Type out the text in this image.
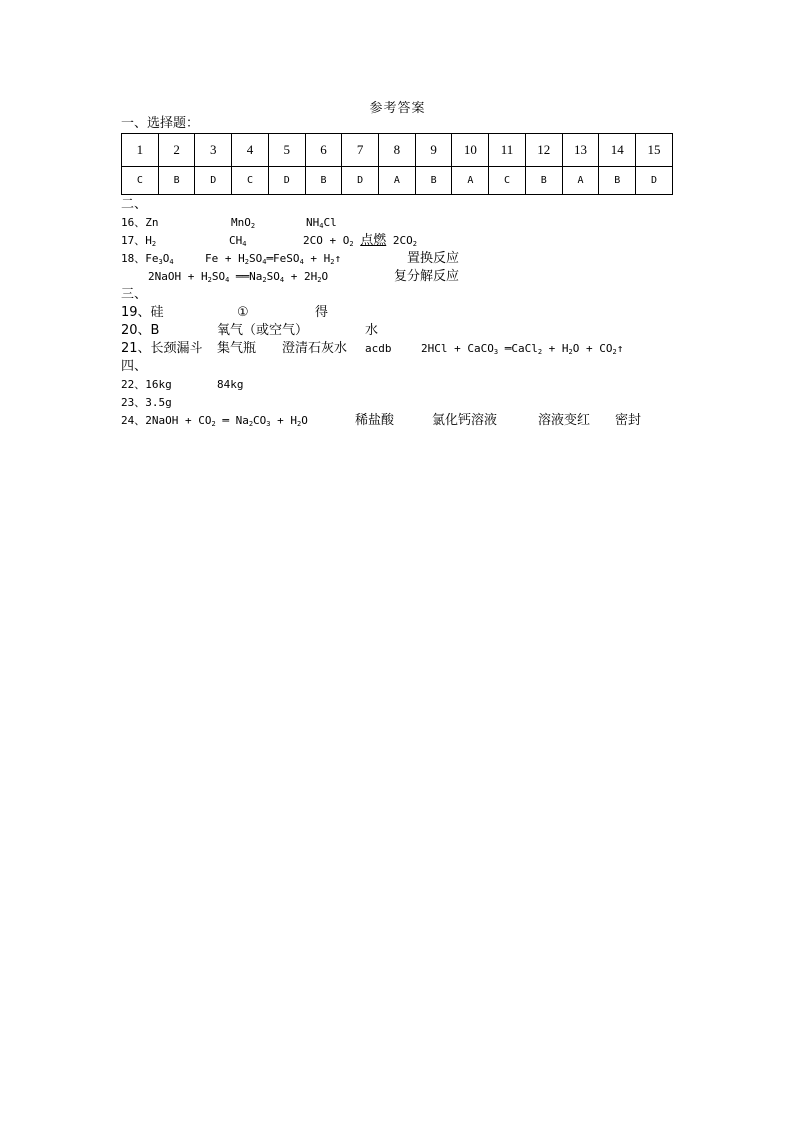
参考答案
一、选择题：
1	2	3	4	5	6	7	8	9	10	11	12	13	14	15
C	B	D	C	D	B	D	A	B	A	C	B	A	B	D
二、
16、Zn	MnO$_2$	$NH_4Cl$
17、$H_2$	$CH_4$	$2CO + O_2$ 点燃 $2CO_2$
18、$Fe_3O_4$	$Fe + H_2SO_4═FeSO_4$ + $H_2↑$	置换反应
2NaOH + $H_2SO_4$ $══Na_2SO_4 + 2H_2O$	复分解反应
三、
19、硅	①	得
20、B	氧气（或空气）	水
21、长颈漏斗 集气瓶 澄清石灰水 acdb	2HCl + CaCO$_3$ ═CaCl$_2$ + $H_2O$ + $CO_2↑$
四、
22、16kg	84kg
23、3.5g
24、2NaOH + $CO_2$ ═ $Na_2CO_3 + H_2O$	稀盐酸	氯化钙溶液	溶液变红 密封
